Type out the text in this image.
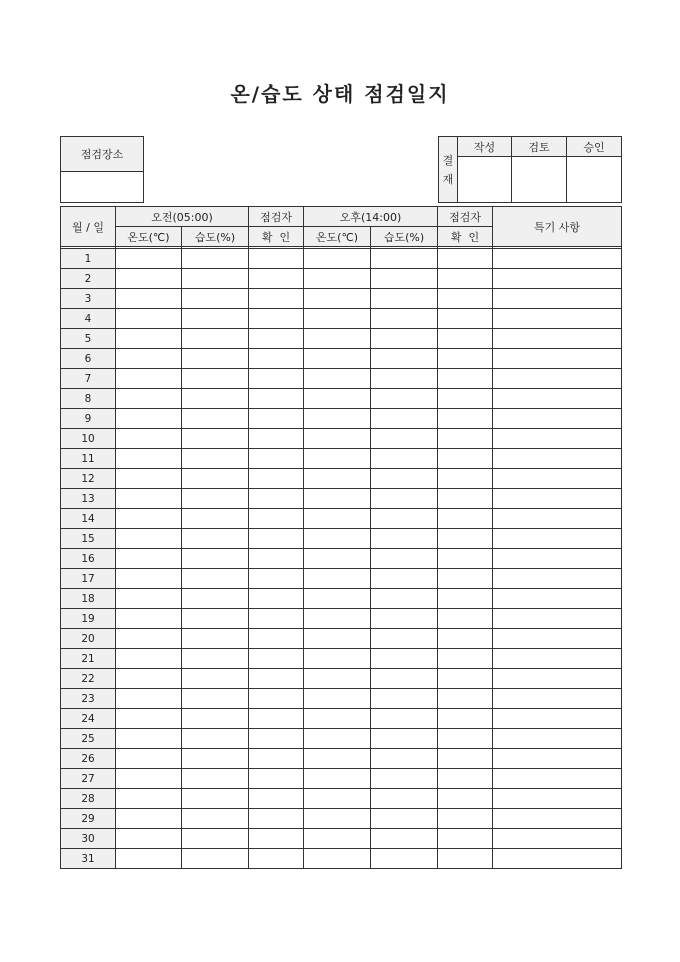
온/습도 상태 점검일지
점검장소	결
재	작성	검토	승인

월 / 일	오전(05:00)		점검자	오후(14:00)		점검자	특기 사항
	온도(℃)	습도(%)	확  인	온도(℃)	습도(%)	확  인	

1							
2							
3							
4							
5							
6							
7							
8							
9							
10							
11							
12							
13							
14							
15							
16							
17							
18							
19							
20							
21							
22							
23							
24							
25							
26							
27							
28							
29							
30							
31							
